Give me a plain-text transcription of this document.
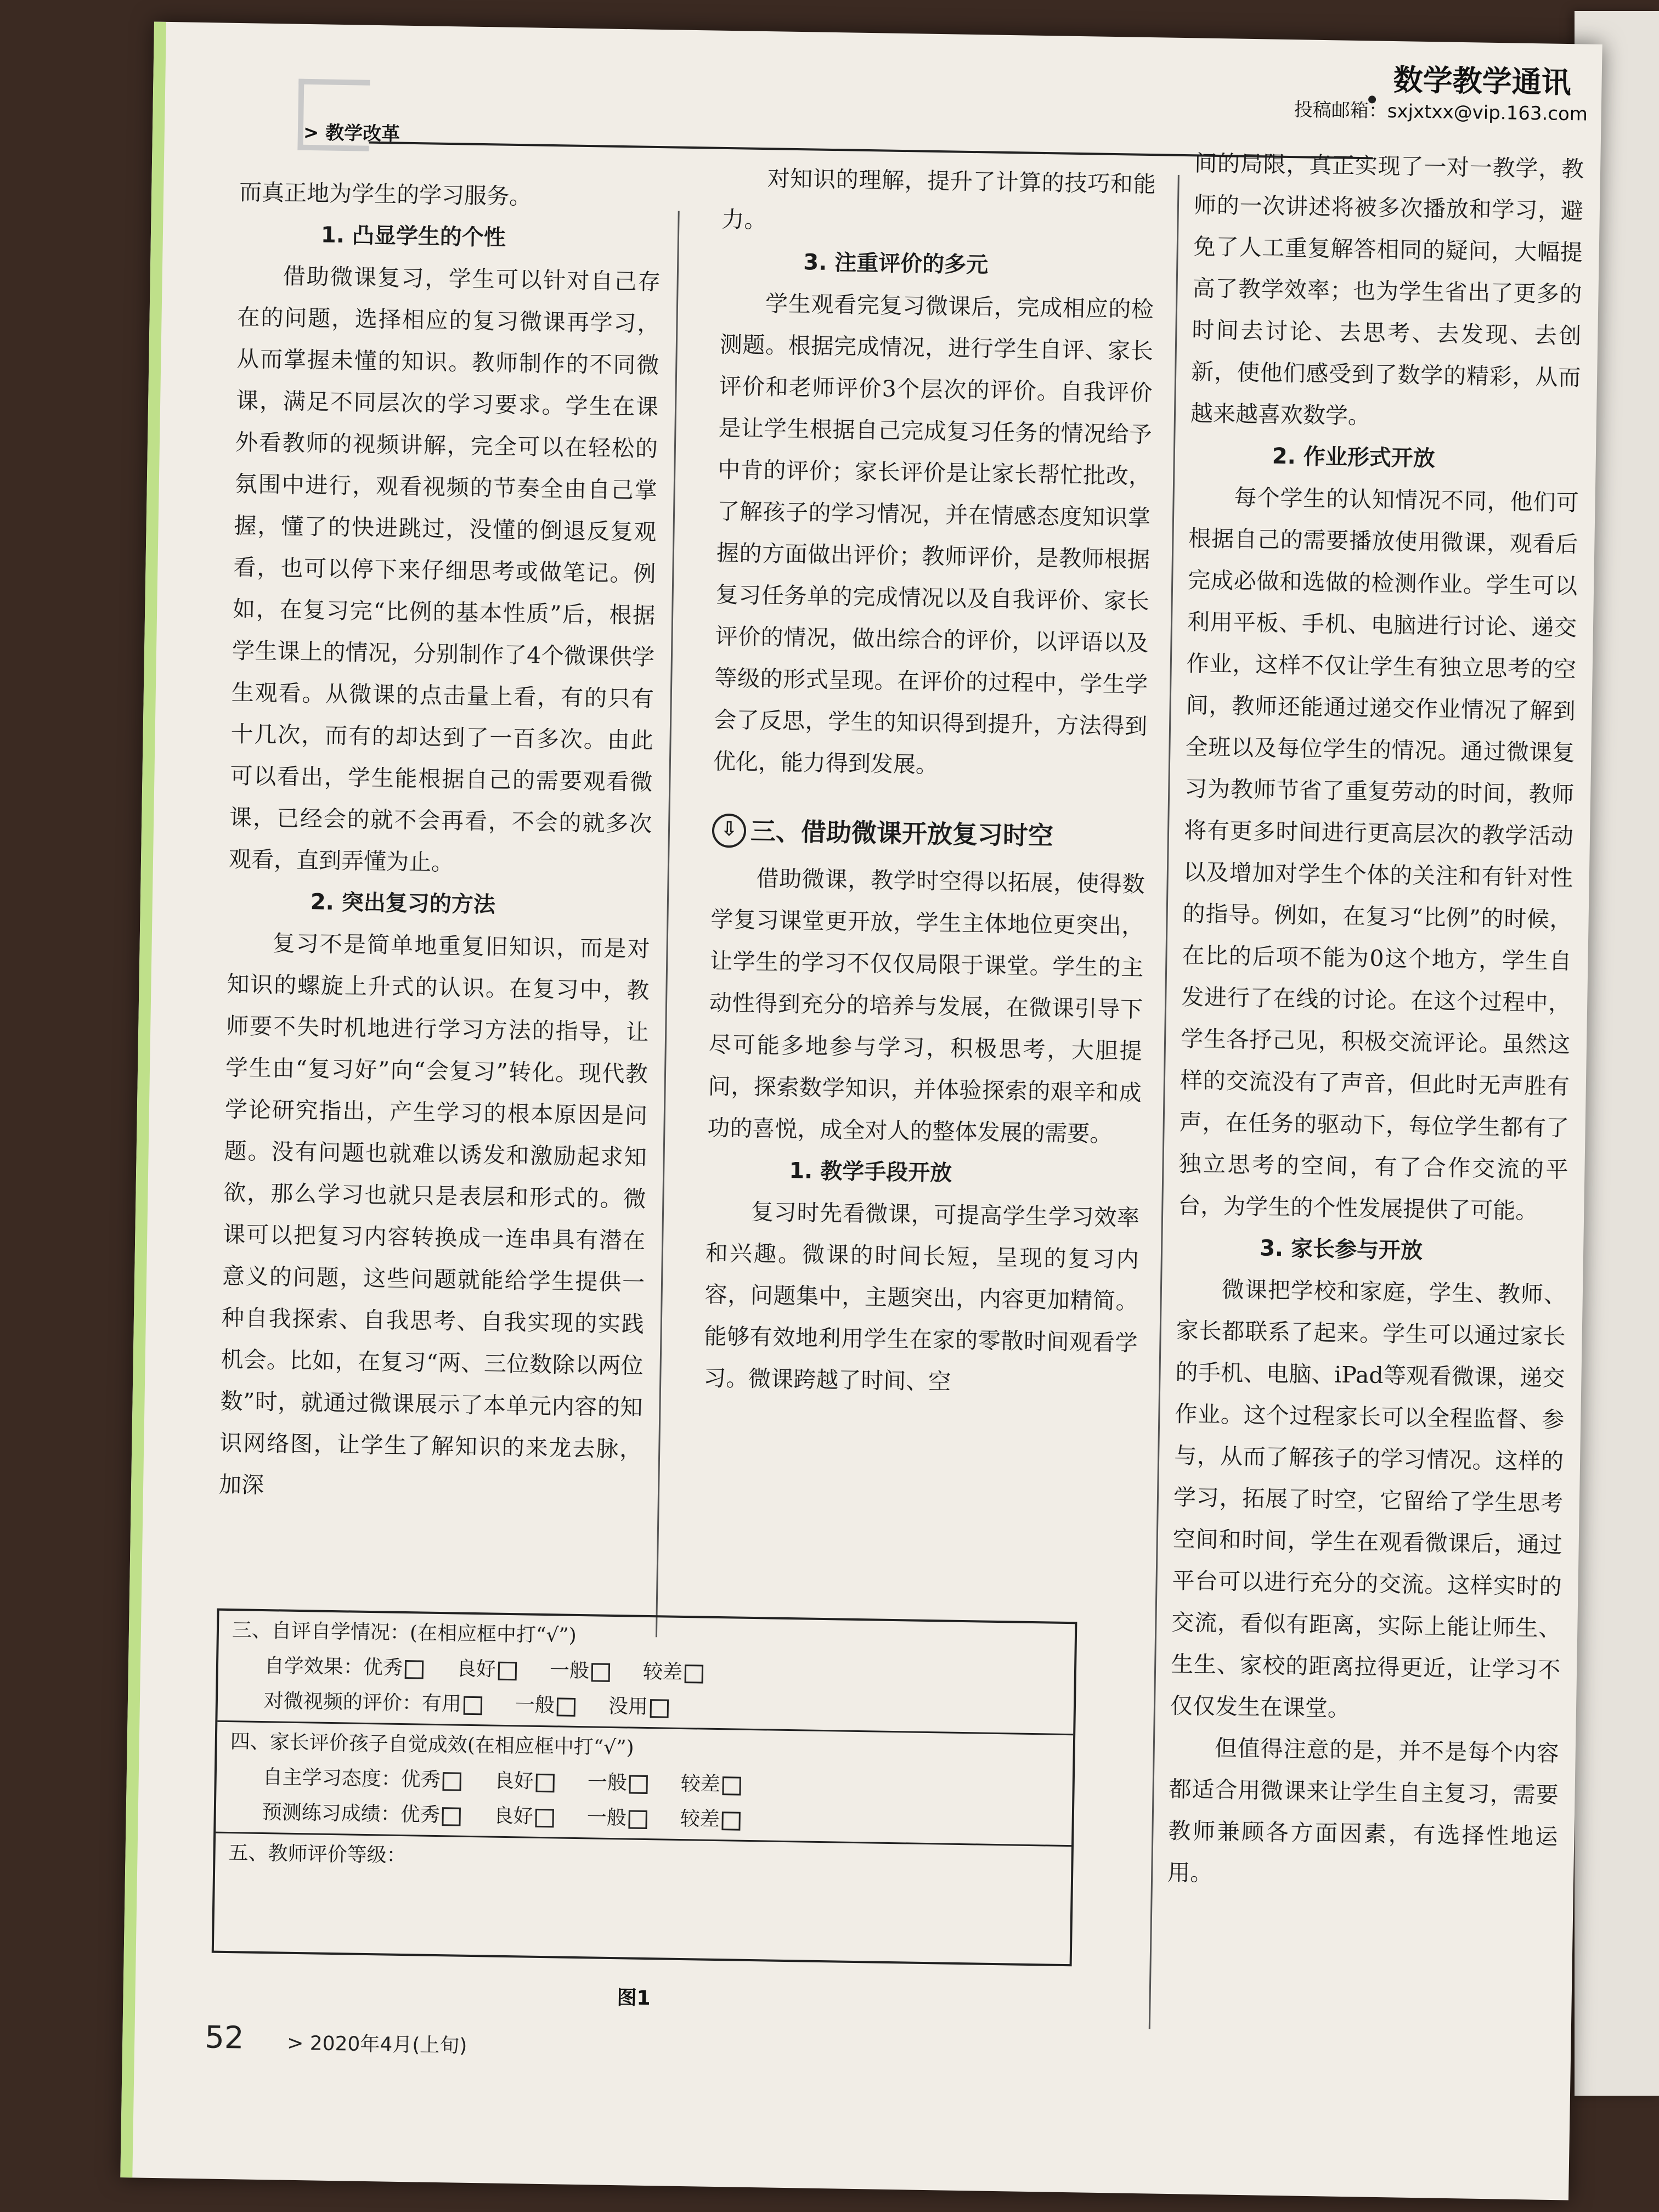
> 教学改革
数学教学通讯
投稿邮箱：sxjxtxx@vip.163.com

而真正地为学生的学习服务。

1. 凸显学生的个性

借助微课复习，学生可以针对自己存在的问题，选择相应的复习微课再学习，从而掌握未懂的知识。教师制作的不同微课，满足不同层次的学习要求。学生在课外看教师的视频讲解，完全可以在轻松的氛围中进行，观看视频的节奏全由自己掌握，懂了的快进跳过，没懂的倒退反复观看，也可以停下来仔细思考或做笔记。例如，在复习完“比例的基本性质”后，根据学生课上的情况，分别制作了4个微课供学生观看。从微课的点击量上看，有的只有十几次，而有的却达到了一百多次。由此可以看出，学生能根据自己的需要观看微课，已经会的就不会再看，不会的就多次观看，直到弄懂为止。

2. 突出复习的方法

复习不是简单地重复旧知识，而是对知识的螺旋上升式的认识。在复习中，教师要不失时机地进行学习方法的指导，让学生由“复习好”向“会复习”转化。现代教学论研究指出，产生学习的根本原因是问题。没有问题也就难以诱发和激励起求知欲，那么学习也就只是表层和形式的。微课可以把复习内容转换成一连串具有潜在意义的问题，这些问题就能给学生提供一种自我探索、自我思考、自我实现的实践机会。比如，在复习“两、三位数除以两位数”时，就通过微课展示了本单元内容的知识网络图，让学生了解知识的来龙去脉，加深

对知识的理解，提升了计算的技巧和能力。

3. 注重评价的多元

学生观看完复习微课后，完成相应的检测题。根据完成情况，进行学生自评、家长评价和老师评价3个层次的评价。自我评价是让学生根据自己完成复习任务的情况给予中肯的评价；家长评价是让家长帮忙批改，了解孩子的学习情况，并在情感态度知识掌握的方面做出评价；教师评价，是教师根据复习任务单的完成情况以及自我评价、家长评价的情况，做出综合的评价，以评语以及等级的形式呈现。在评价的过程中，学生学会了反思，学生的知识得到提升，方法得到优化，能力得到发展。

⇩ 三、借助微课开放复习时空

借助微课，教学时空得以拓展，使得数学复习课堂更开放，学生主体地位更突出，让学生的学习不仅仅局限于课堂。学生的主动性得到充分的培养与发展，在微课引导下尽可能多地参与学习，积极思考，大胆提问，探索数学知识，并体验探索的艰辛和成功的喜悦，成全对人的整体发展的需要。

1. 教学手段开放

复习时先看微课，可提高学生学习效率和兴趣。微课的时间长短，呈现的复习内容，问题集中，主题突出，内容更加精简。能够有效地利用学生在家的零散时间观看学习。微课跨越了时间、空

间的局限，真正实现了一对一教学，教师的一次讲述将被多次播放和学习，避免了人工重复解答相同的疑问，大幅提高了教学效率；也为学生省出了更多的时间去讨论、去思考、去发现、去创新，使他们感受到了数学的精彩，从而越来越喜欢数学。

2. 作业形式开放

每个学生的认知情况不同，他们可根据自己的需要播放使用微课，观看后完成必做和选做的检测作业。学生可以利用平板、手机、电脑进行讨论、递交作业，这样不仅让学生有独立思考的空间，教师还能通过递交作业情况了解到全班以及每位学生的情况。通过微课复习为教师节省了重复劳动的时间，教师将有更多时间进行更高层次的教学活动以及增加对学生个体的关注和有针对性的指导。例如，在复习“比例”的时候，在比的后项不能为0这个地方，学生自发进行了在线的讨论。在这个过程中，学生各抒己见，积极交流评论。虽然这样的交流没有了声音，但此时无声胜有声，在任务的驱动下，每位学生都有了独立思考的空间，有了合作交流的平台，为学生的个性发展提供了可能。

3. 家长参与开放

微课把学校和家庭，学生、教师、家长都联系了起来。学生可以通过家长的手机、电脑、iPad等观看微课，递交作业。这个过程家长可以全程监督、参与，从而了解孩子的学习情况。这样的学习，拓展了时空，它留给了学生思考空间和时间，学生在观看微课后，通过平台可以进行充分的交流。这样实时的交流，看似有距离，实际上能让师生、生生、家校的距离拉得更近，让学习不仅仅发生在课堂。

但值得注意的是，并不是每个内容都适合用微课来让学生自主复习，需要教师兼顾各方面因素，有选择性地运用。

三、自评自学情况：(在相应框中打“√”)
自学效果：优秀	良好	一般	较差
对微视频的评价：有用	一般	没用
四、家长评价孩子自觉成效(在相应框中打“√”)
自主学习态度：优秀	良好	一般	较差
预测练习成绩：优秀	良好	一般	较差
五、教师评价等级：
图1
52 > 2020年4月(上旬)
